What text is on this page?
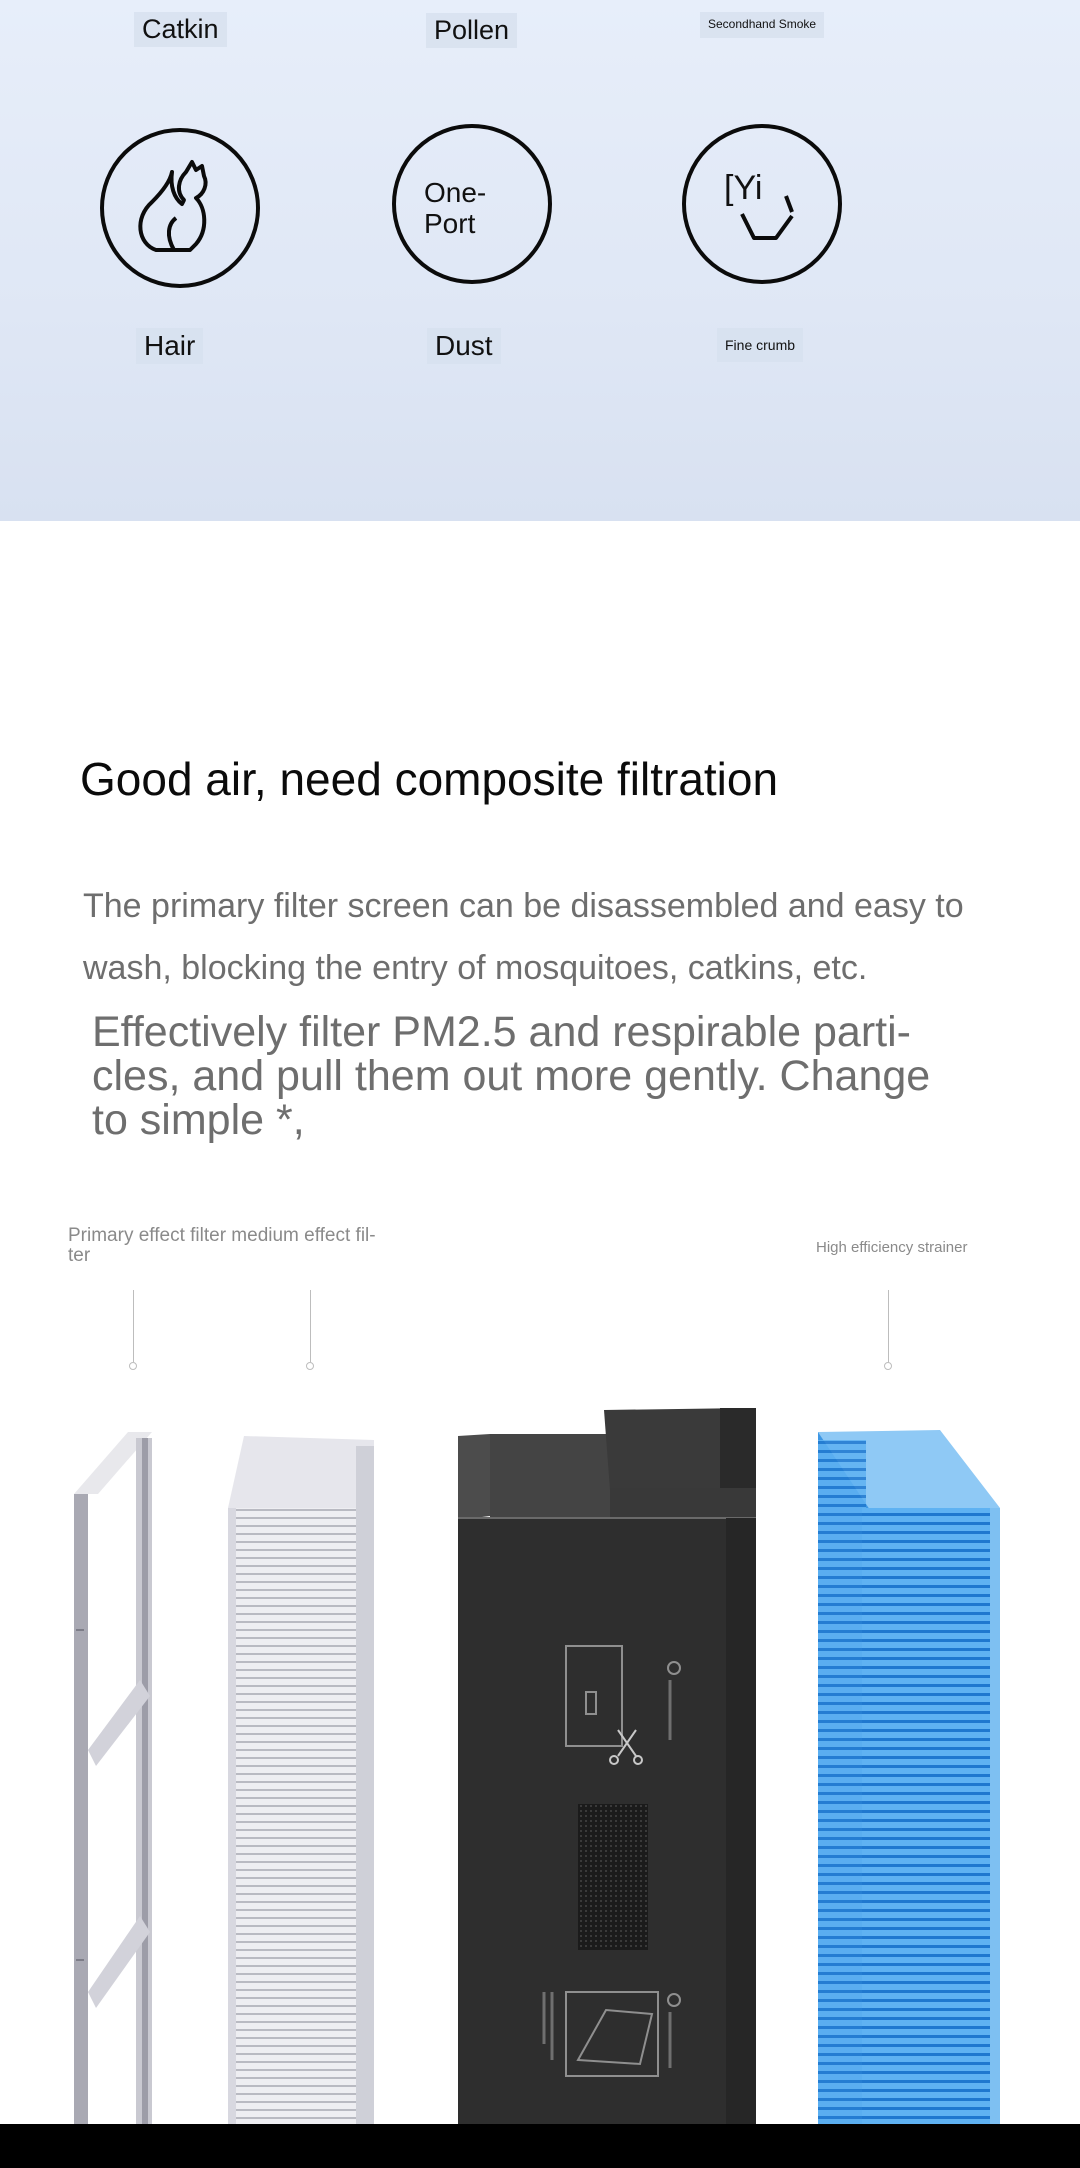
Catkin	Pollen	Secondhand Smoke
One-
Port
[Yi
Hair	Dust	Fine crumb
Good air, need composite filtration
The primary filter screen can be disassembled and easy to wash, blocking the entry of mosquitoes, catkins, etc.
Effectively filter PM2.5 and respirable parti-cles, and pull them out more gently. Change to simple *,
Primary effect filter medium effect fil-ter	High efficiency strainer
